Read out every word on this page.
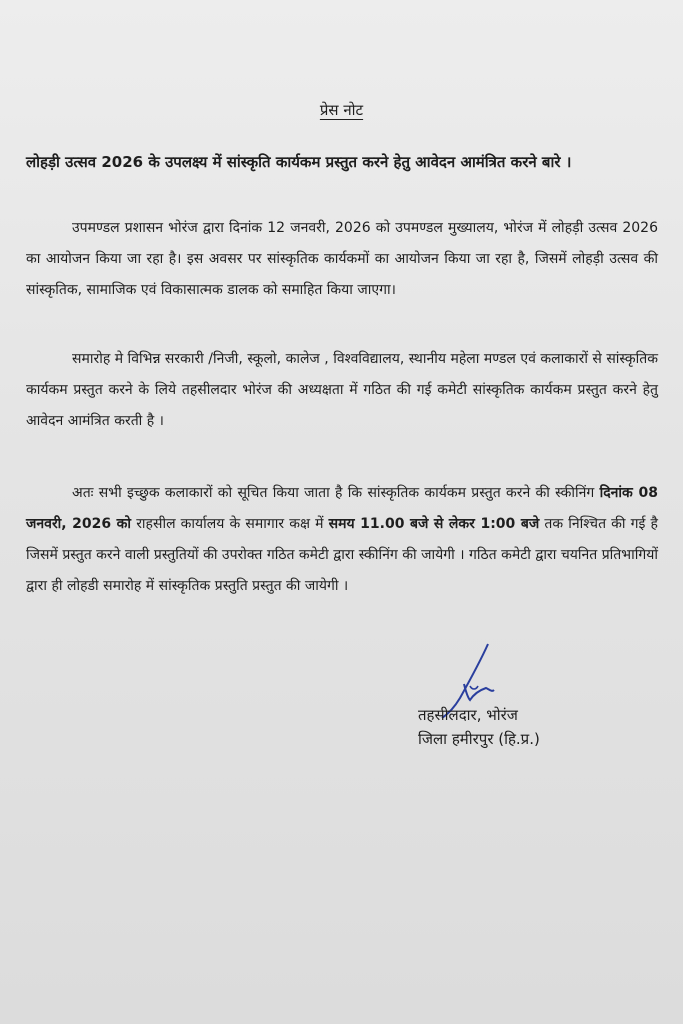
प्रेस नोट
लोहड़ी उत्सव 2026 के उपलक्ष्य में सांस्कृति कार्यकम प्रस्तुत करने हेतु आवेदन आमंत्रित करने बारे ।
उपमण्डल प्रशासन भोरंज द्वारा दिनांक 12 जनवरी, 2026 को उपमण्डल मुख्यालय, भोरंज में लोहड़ी उत्सव 2026 का आयोजन किया जा रहा है। इस अवसर पर सांस्कृतिक कार्यकमों का आयोजन किया जा रहा है, जिसमें लोहड़ी उत्सव की सांस्कृतिक, सामाजिक एवं विकासात्मक डालक को समाहित किया जाएगा।
समारोह मे विभिन्न सरकारी /निजी, स्कूलो, कालेज , विश्वविद्यालय, स्थानीय महेला मण्डल एवं कलाकारों से सांस्कृतिक कार्यकम प्रस्तुत करने के लिये तहसीलदार भोरंज की अध्यक्षता में गठित की गई कमेटी सांस्कृतिक कार्यकम प्रस्तुत करने हेतु आवेदन आमंत्रित करती है ।
अतः सभी इच्छुक कलाकारों को सूचित किया जाता है कि सांस्कृतिक कार्यकम प्रस्तुत करने की स्कीनिंग दिनांक 08 जनवरी, 2026 को राहसील कार्यालय के समागार कक्ष में समय 11.00 बजे से लेकर 1:00 बजे तक निश्चित की गई है जिसमें प्रस्तुत करने वाली प्रस्तुतियों की उपरोक्त गठित कमेटी द्वारा स्कीनिंग की जायेगी । गठित कमेटी द्वारा चयनित प्रतिभागियों द्वारा ही लोहडी समारोह में सांस्कृतिक प्रस्तुति प्रस्तुत की जायेगी ।
तहसीलदार, भोरंज
जिला हमीरपुर (हि.प्र.)
